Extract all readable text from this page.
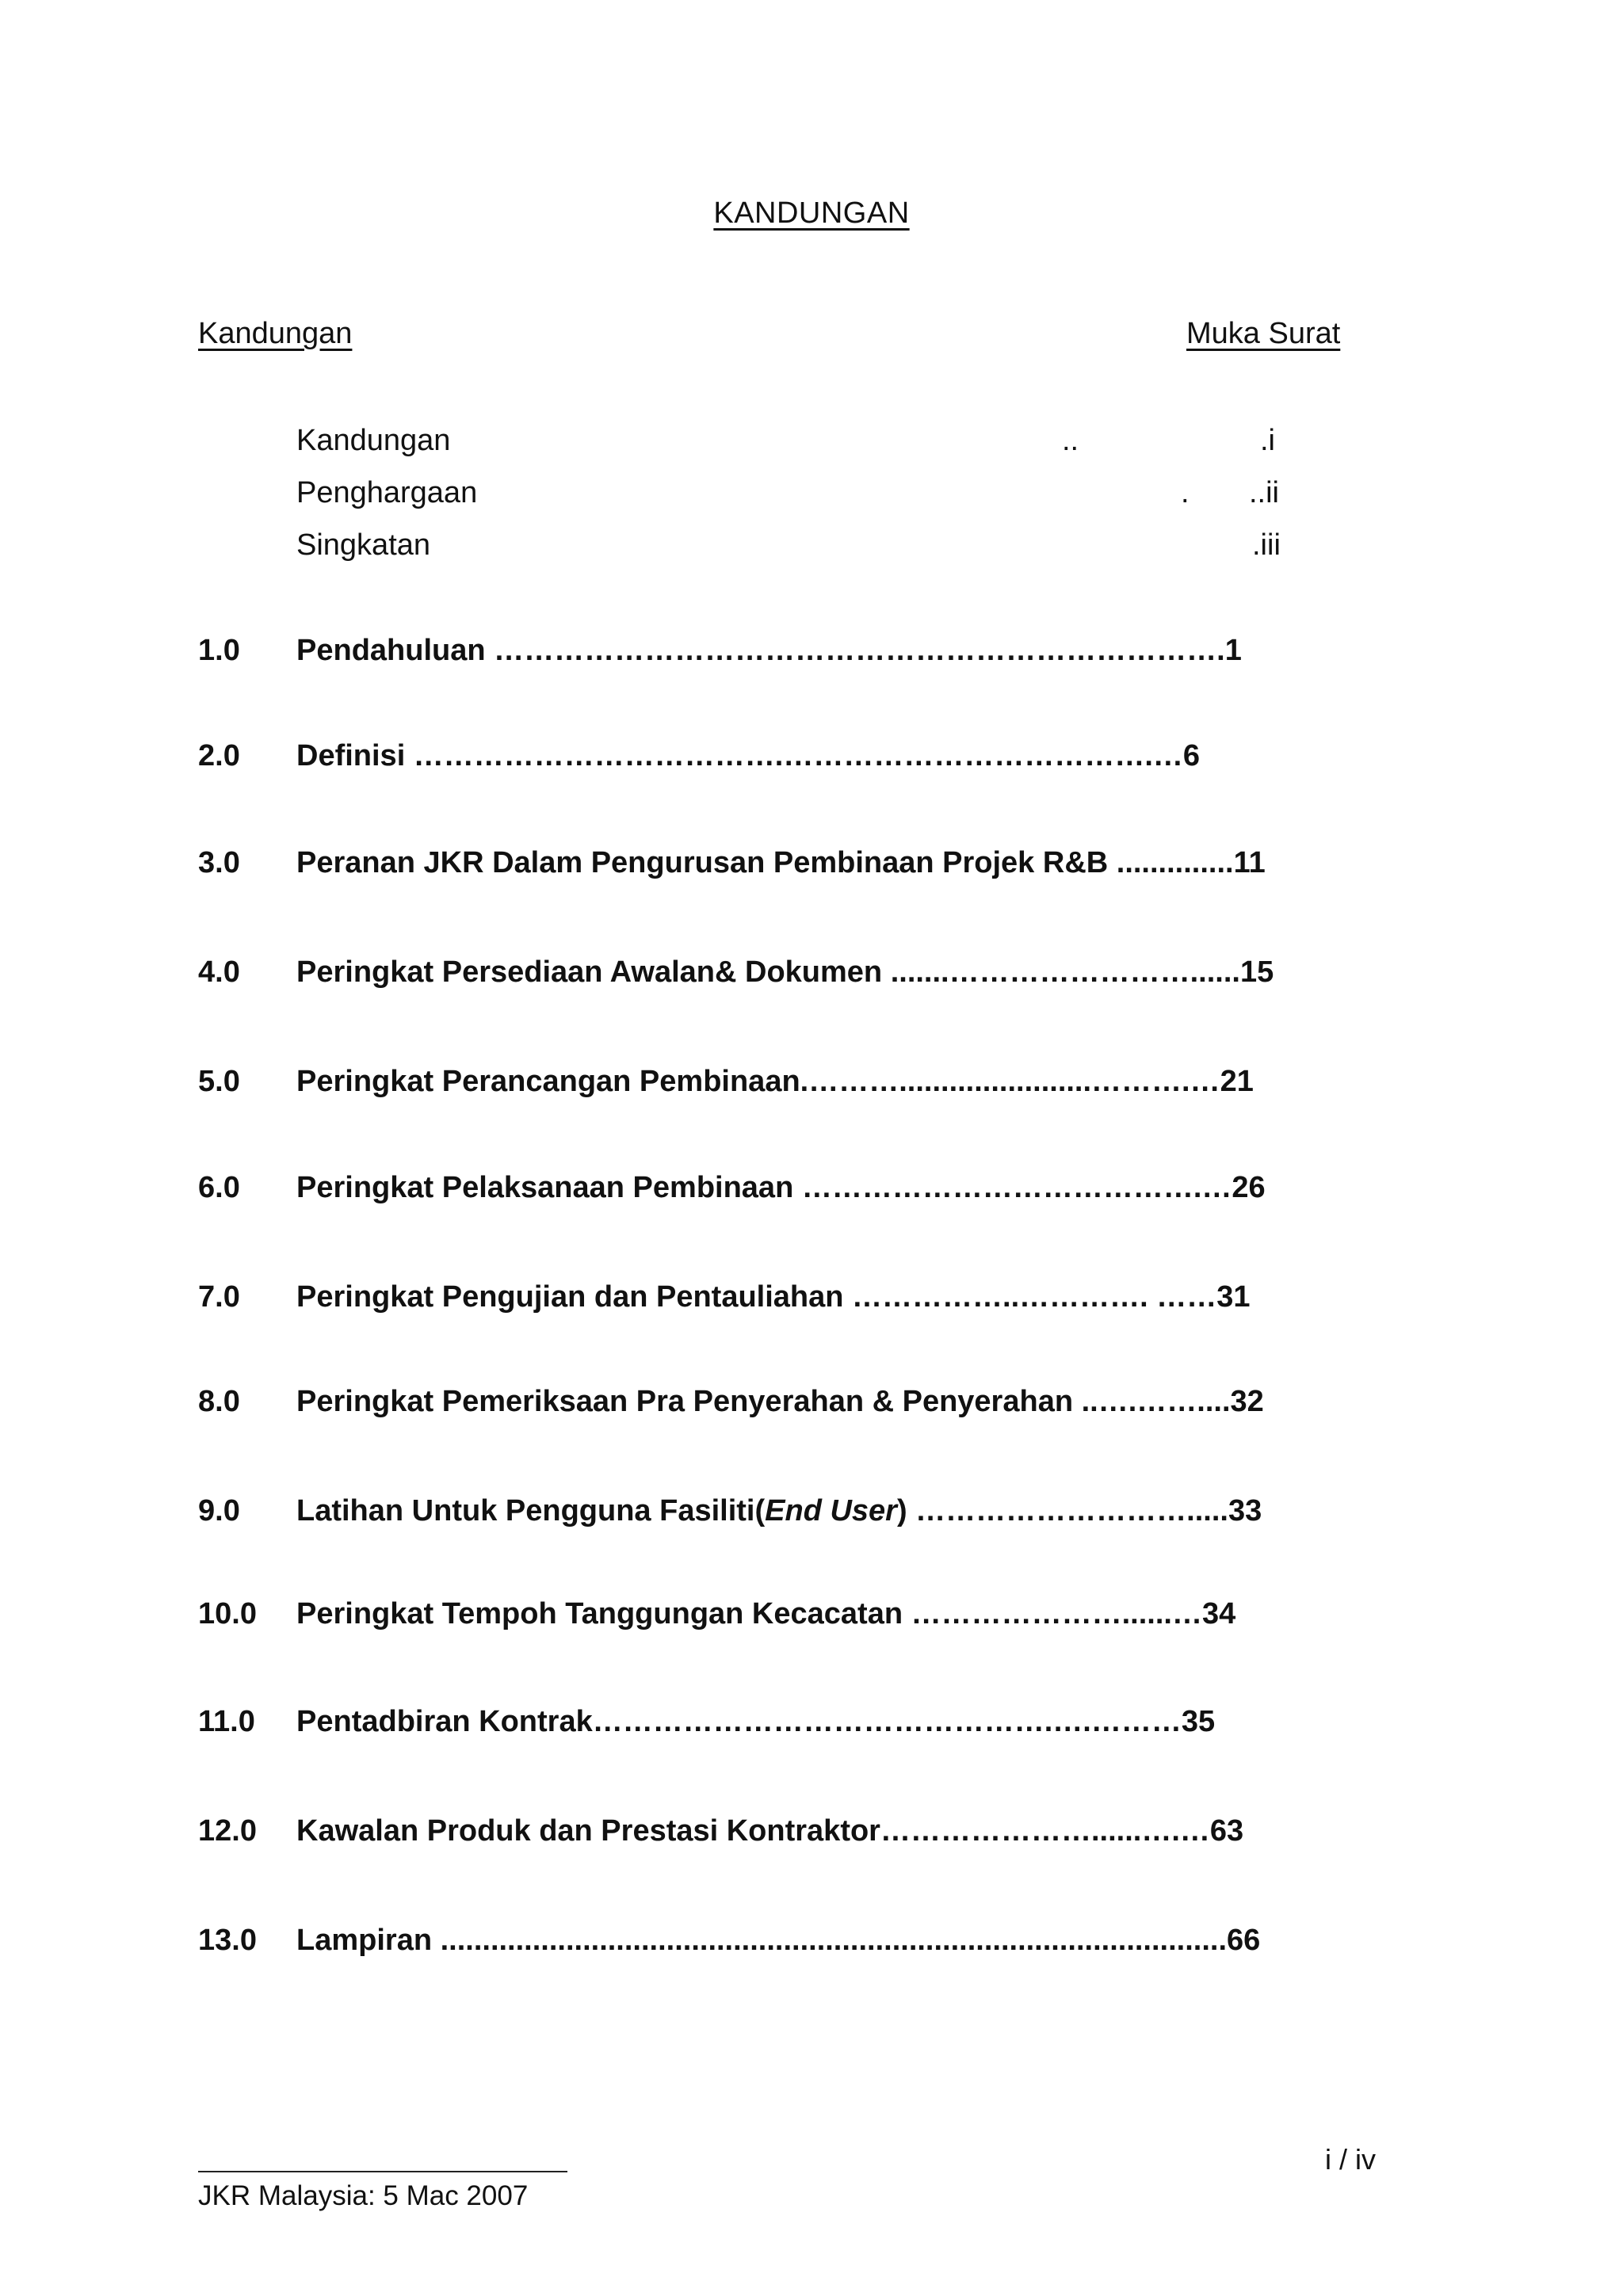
KANDUNGAN
Kandungan	Muka Surat
Kandungan	..	.i
Penghargaan	. ..ii
Singkatan	.iii
1.0 Pendahuluan ……………………………………………………………….1
2.0 Definisi ……………………………….……………………………….…6
3.0 Peranan JKR Dalam Pengurusan Pembinaan Projek R&B ..............11
4.0 Peringkat Persediaan Awalan& Dokumen .......……………………......15
5.0 Peringkat Perancangan Pembinaan.……….......................……….…21
6.0 Peringkat Pelaksanaan Pembinaan ………………………………….…26
7.0 Peringkat Pengujian dan Pentauliahan ……………..…………. ……31
8.0 Peringkat Pemeriksaan Pra Penyerahan & Penyerahan ..….……....32
9.0 Latihan Untuk Pengguna Fasiliti(End User) ……………………….....33
10.0 Peringkat Tempoh Tanggungan Kecacatan …………………......…34
11.0 Pentadbiran Kontrak……………………………………….….………35
12.0 Kawalan Produk dan Prestasi Kontraktor…………………......….…63
13.0 Lampiran ..............................................................................................66
JKR Malaysia: 5 Mac 2007
i / iv
